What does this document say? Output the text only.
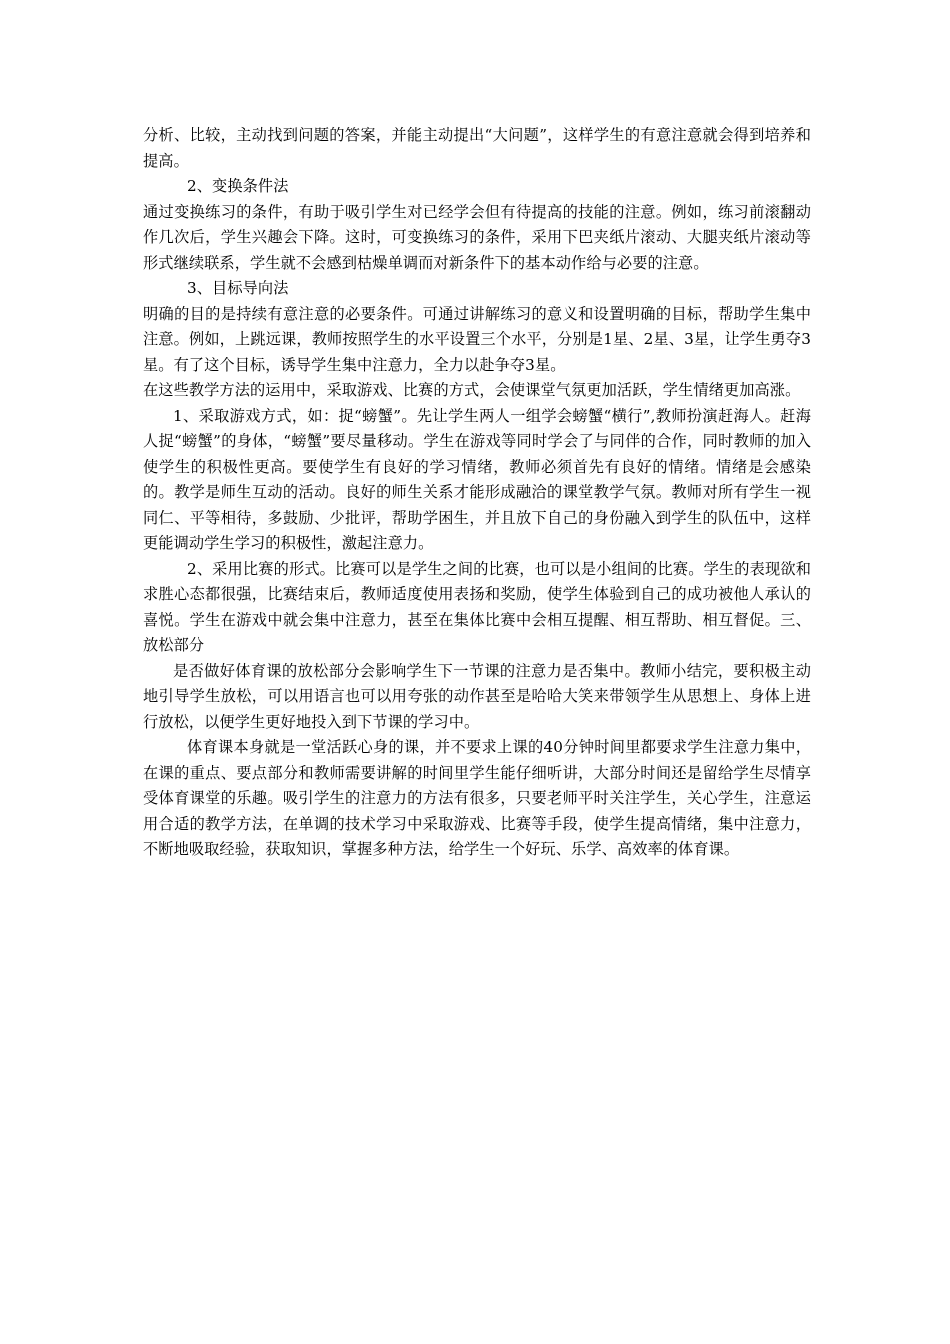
分析、比较，主动找到问题的答案，并能主动提出“大问题”，这样学生的有意注意就会得到培养和提高。

2、变换条件法

通过变换练习的条件，有助于吸引学生对已经学会但有待提高的技能的注意。例如，练习前滚翻动作几次后，学生兴趣会下降。这时，可变换练习的条件，采用下巴夹纸片滚动、大腿夹纸片滚动等形式继续联系，学生就不会感到枯燥单调而对新条件下的基本动作给与必要的注意。

3、目标导向法

明确的目的是持续有意注意的必要条件。可通过讲解练习的意义和设置明确的目标，帮助学生集中注意。例如，上跳远课，教师按照学生的水平设置三个水平，分别是1星、2星、3星，让学生勇夺3星。有了这个目标，诱导学生集中注意力，全力以赴争夺3星。

在这些教学方法的运用中，采取游戏、比赛的方式，会使课堂气氛更加活跃，学生情绪更加高涨。

1、采取游戏方式，如：捉“螃蟹”。先让学生两人一组学会螃蟹“横行”,教师扮演赶海人。赶海人捉“螃蟹”的身体，“螃蟹”要尽量移动。学生在游戏等同时学会了与同伴的合作，同时教师的加入使学生的积极性更高。要使学生有良好的学习情绪，教师必须首先有良好的情绪。情绪是会感染的。教学是师生互动的活动。良好的师生关系才能形成融洽的课堂教学气氛。教师对所有学生一视同仁、平等相待，多鼓励、少批评，帮助学困生，并且放下自己的身份融入到学生的队伍中，这样更能调动学生学习的积极性，激起注意力。

2、采用比赛的形式。比赛可以是学生之间的比赛，也可以是小组间的比赛。学生的表现欲和求胜心态都很强，比赛结束后，教师适度使用表扬和奖励，使学生体验到自己的成功被他人承认的喜悦。学生在游戏中就会集中注意力，甚至在集体比赛中会相互提醒、相互帮助、相互督促。三、放松部分

是否做好体育课的放松部分会影响学生下一节课的注意力是否集中。教师小结完，要积极主动地引导学生放松，可以用语言也可以用夸张的动作甚至是哈哈大笑来带领学生从思想上、身体上进行放松，以便学生更好地投入到下节课的学习中。

体育课本身就是一堂活跃心身的课，并不要求上课的40分钟时间里都要求学生注意力集中，在课的重点、要点部分和教师需要讲解的时间里学生能仔细听讲，大部分时间还是留给学生尽情享受体育课堂的乐趣。吸引学生的注意力的方法有很多，只要老师平时关注学生，关心学生，注意运用合适的教学方法，在单调的技术学习中采取游戏、比赛等手段，使学生提高情绪，集中注意力，不断地吸取经验，获取知识，掌握多种方法，给学生一个好玩、乐学、高效率的体育课。
